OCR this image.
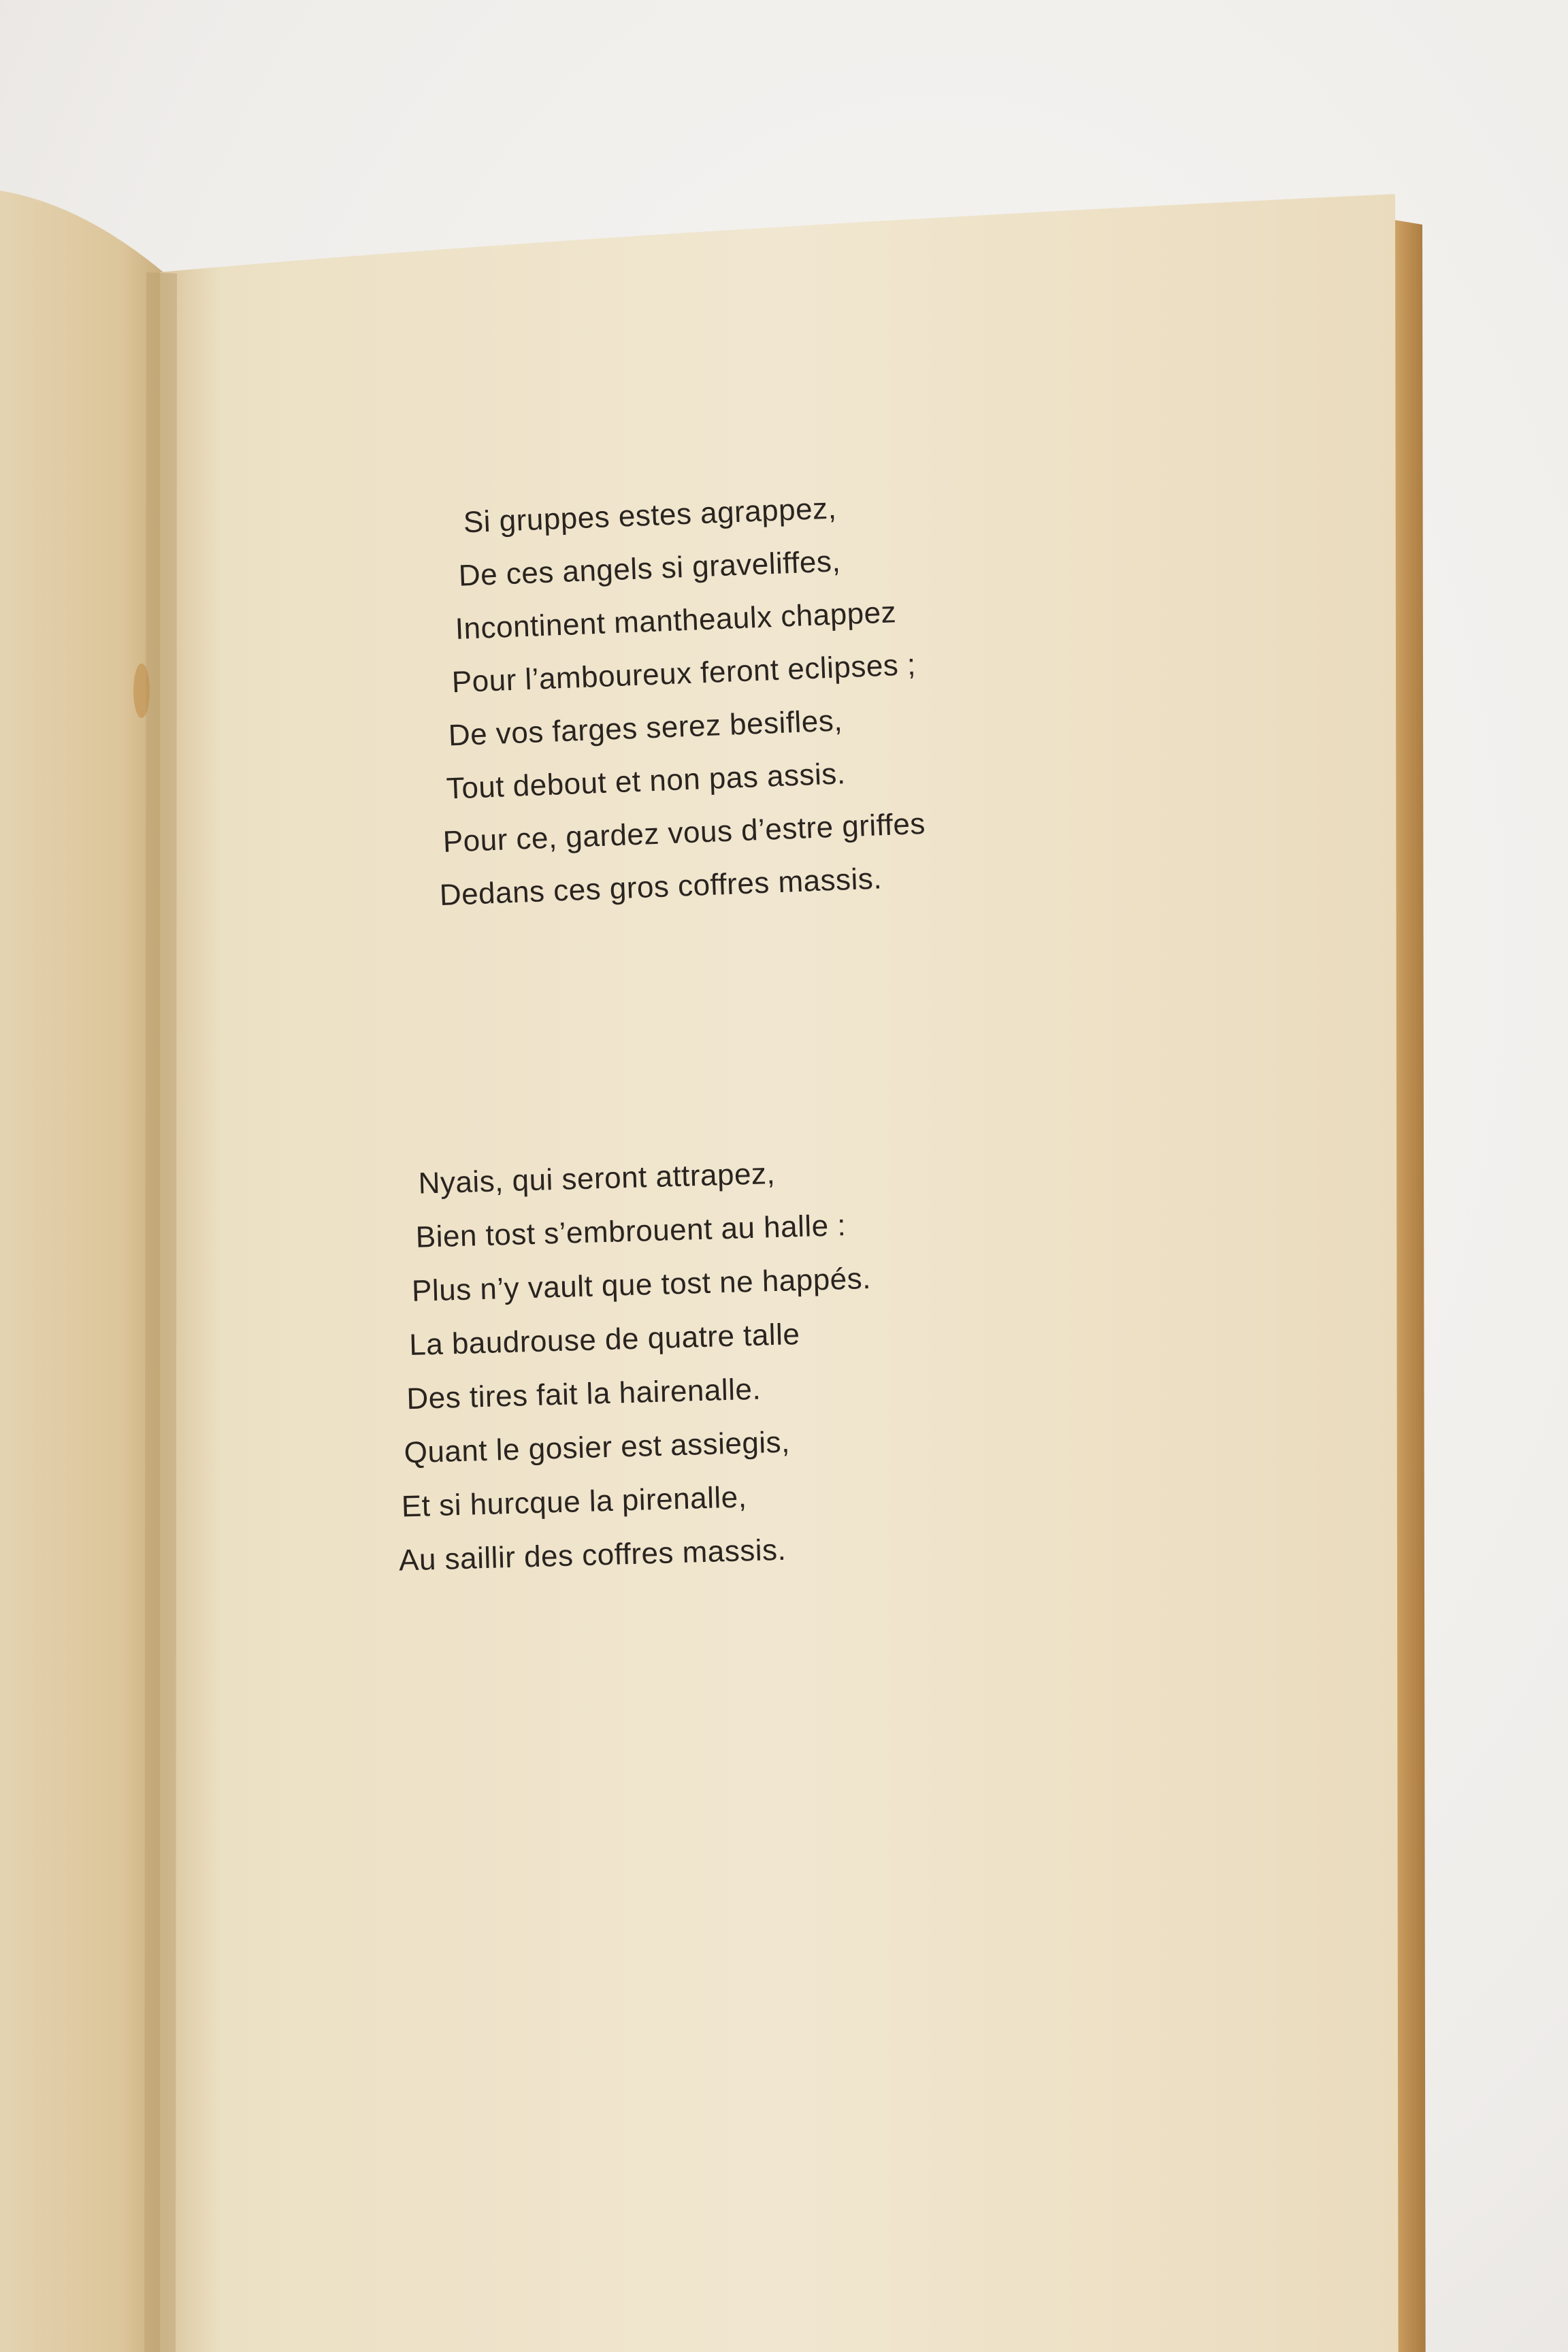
Si gruppes estes agrappez,
De ces angels si graveliffes,
Incontinent mantheaulx chappez
Pour l’amboureux feront eclipses ;
De vos farges serez besifles,
Tout debout et non pas assis.
Pour ce, gardez vous d’estre griffes
Dedans ces gros coffres massis.
Nyais, qui seront attrapez,
Bien tost s’embrouent au halle :
Plus n’y vault que tost ne happés.
La baudrouse de quatre talle
Des tires fait la hairenalle.
Quant le gosier est assiegis,
Et si hurcque la pirenalle,
Au saillir des coffres massis.
